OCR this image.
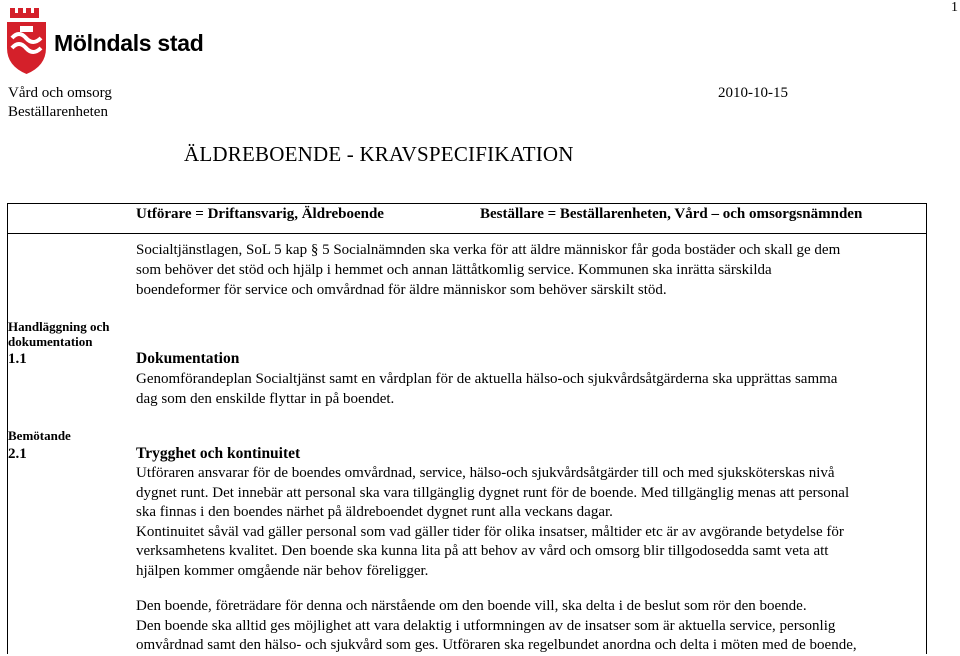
1
Mölndals stad
Vård och omsorg
Beställarenheten
2010-10-15
ÄLDREBOENDE - KRAVSPECIFIKATION
Utförare = Driftansvarig, Äldreboende	Beställare = Beställarenheten, Vård – och omsorgsnämnden
Socialtjänstlagen, SoL 5 kap § 5 Socialnämnden ska verka för att äldre människor får goda bostäder och skall ge dem
som behöver det stöd och hjälp i hemmet och annan lättåtkomlig service. Kommunen ska inrätta särskilda
boendeformer för service och omvårdnad för äldre människor som behöver särskilt stöd.
Handläggning och
dokumentation
1.1	Dokumentation
Genomförandeplan Socialtjänst samt en vårdplan för de aktuella hälso-och sjukvårdsåtgärderna ska upprättas samma
dag som den enskilde flyttar in på boendet.
Bemötande
2.1	Trygghet och kontinuitet
Utföraren ansvarar för de boendes omvårdnad, service, hälso-och sjukvårdsåtgärder till och med sjuksköterskas nivå
dygnet runt. Det innebär att personal ska vara tillgänglig dygnet runt för de boende. Med tillgänglig menas att personal
ska finnas i den boendes närhet på äldreboendet dygnet runt alla veckans dagar.
Kontinuitet såväl vad gäller personal som vad gäller tider för olika insatser, måltider etc är av avgörande betydelse för
verksamhetens kvalitet. Den boende ska kunna lita på att behov av vård och omsorg blir tillgodosedda samt veta att
hjälpen kommer omgående när behov föreligger.
Den boende, företrädare för denna och närstående om den boende vill, ska delta i de beslut som rör den boende.
Den boende ska alltid ges möjlighet att vara delaktig i utformningen av de insatser som är aktuella service, personlig
omvårdnad samt den hälso- och sjukvård som ges. Utföraren ska regelbundet anordna och delta i möten med de boende,
